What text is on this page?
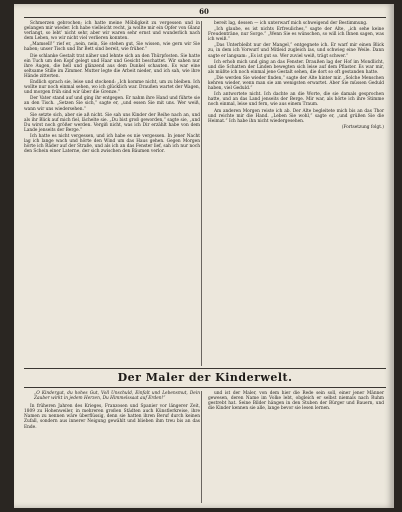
60

Schmerzen gebrochen; ich hatte meine Möbligkeit zu vergessen und in gelangen mir wieder. Ich habe vielleicht recht, ja wollte mir ein Opfer von Glanz verlangt, so lebt’ nicht sehr, aber wir waren sehr ernst und wunderlich nach dem Leben, wo wir nicht viel verlieren konnten.

„Mamsell!“ rief er, „nein, nein, Sie stehen gut, Sie wissen, wie gern wir Sie haben; unser Tisch und Ihr Bett sind bereit, wie früher.“

Die schlanke Gestalt trat näher und lehnte sich an den Thürpfosten. Sie hatte ein Tuch um den Kopf gelegt und Haar und Gesicht beschattet. Wir sahen nur ihre Augen, die hell und glänzend aus dem Dunkel schauten. Es war eine seltsame Stille im Zimmer. Mutter legte die Arbeit nieder, und ich sah, wie ihre Hände zitterten.

Endlich sprach sie, leise und stockend: „Ich komme nicht, um zu bleiben. Ich wollte nur noch einmal sehen, wo ich glücklich war. Draußen wartet der Wagen, und morgen früh sind wir über die Grenze.“

Der Vater stand auf und ging ihr entgegen. Er nahm ihre Hand und führte sie an den Tisch. „Setzen Sie sich,“ sagte er, „und essen Sie mit uns. Wer weiß, wann wir uns wiedersehen.“

Sie setzte sich, aber sie aß nicht. Sie sah uns Kinder der Reihe nach an, und als ihr Blick auf mich fiel, lächelte sie. „Du bist groß geworden,“ sagte sie, „und Du wirst noch größer werden. Vergiß nicht, was ich Dir erzählt habe von dem Lande jenseits der Berge.“

Ich hatte es nicht vergessen, und ich habe es nie vergessen. In jener Nacht lag ich lange wach und hörte den Wind um das Haus gehen. Gegen Morgen hörte ich Räder auf der Straße, und als ich an das Fenster lief, sah ich nur noch den Schein einer Laterne, der sich zwischen den Bäumen verlor.

bereit lag, dessen — ich unterwarf mich schweigend der Bestimmung.

„Ich glaube, es ist nichts Erfreuliches,“ sagte der Alte, „ich sehe keine Freudenträne, nur Sorge.“ „Wenn Sie es wünschen, so will ich Ihnen sagen, was ich weiß.“

„Das Unterbleibt nur der Mangel,“ entgegnete ich. Er warf mir einen Blick zu, in dem ich Vorwurf und Mitleid zugleich las, und schwieg eine Weile. Dann sagte er langsam: „Es ist gut so. Wer zuviel weiß, trägt schwer.“

Ich erhob mich und ging an das Fenster. Draußen lag der Hof im Mondlicht, und die Schatten der Linden bewegten sich leise auf dem Pflaster. Es war mir, als müßte ich noch einmal jene Gestalt sehen, die dort so oft gestanden hatte.

„Die werden Sie wieder finden,“ sagte der Alte hinter mir. „Solche Menschen kehren wieder, wenn man sie am wenigsten erwartet. Aber Sie müssen Geduld haben, viel Geduld.“

Ich antwortete nicht. Ich dachte an die Worte, die sie damals gesprochen hatte, und an das Land jenseits der Berge. Mir war, als hörte ich ihre Stimme noch einmal, leise und fern, wie aus einem Traum.

Am anderen Morgen reiste ich ab. Der Alte begleitete mich bis an das Thor und reichte mir die Hand. „Leben Sie wohl,“ sagte er, „und grüßen Sie die Heimat.“ Ich habe ihn nicht wiedergesehen.

(Fortsetzung folgt.)
Der Maler der Kinderwelt.
„O Kindergut, du hohes Gut, Voll Unschuld, Einfalt und Lebensmut, Dein Zauber wirkt in jedem Herzen, Du Himmelssaat auf Erden!“

In früheren Jahren des Krieges, Franzosen und Spanier vor längerer Zeit, 1809 zu Hohenweiler, in mehreren großen Städten auch Künstlerkreise, ihre Namen zu nennen wäre überflüssig, denn sie hatten ihren Beruf durch keinen Zufall, sondern aus innerer Neigung gewählt und blieben ihm treu bis an das Ende.

und ist der Maler, von dem hier die Rede sein soll, einer jener Männer gewesen, deren Name im Volke lebt, obgleich er selbst niemals nach Ruhm gestrebt hat. Seine Bilder hängen in den Stuben der Bürger und Bauern, und die Kinder kennen sie alle, lange bevor sie lesen lernen.
